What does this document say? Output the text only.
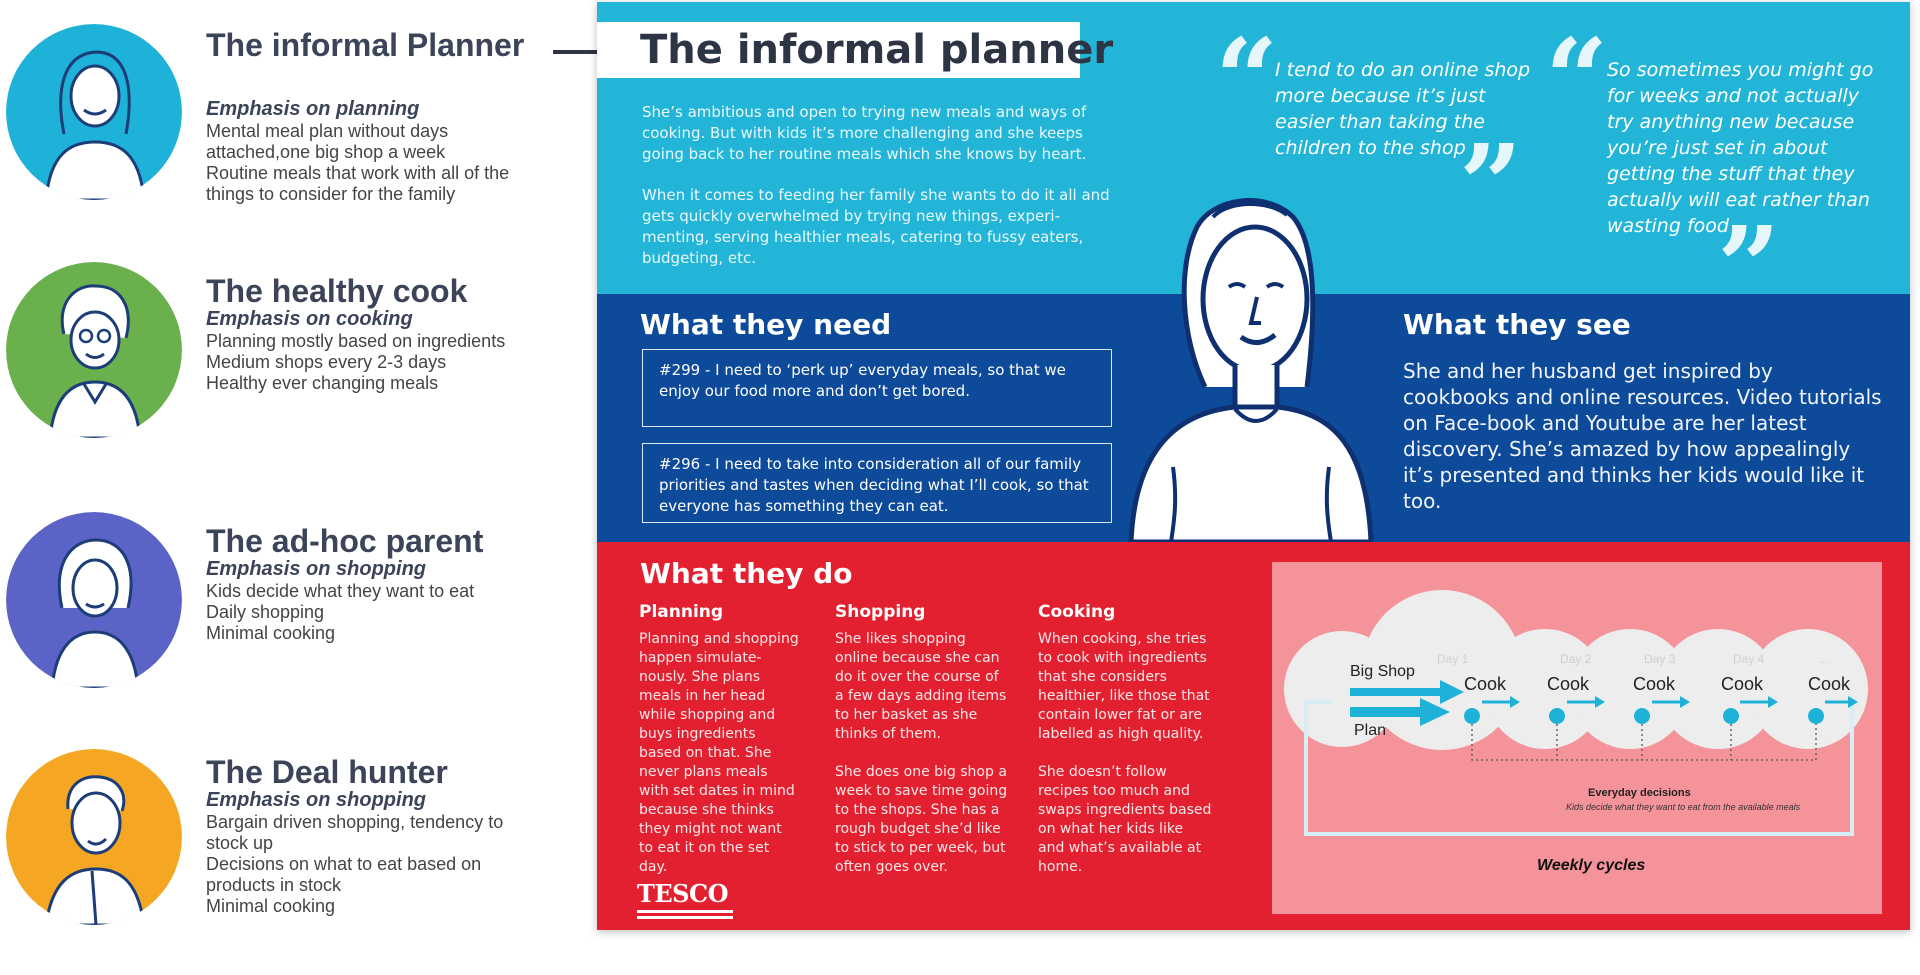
The informal Planner
Emphasis on planning
Mental meal plan without days attached,one big shop a week
Routine meals that work with all of the things to consider for the family
The healthy cook
Emphasis on cooking
Planning mostly based on ingredients
Medium shops every 2-3 days
Healthy ever changing meals
The ad-hoc parent
Emphasis on shopping
Kids decide what they want to eat
Daily shopping
Minimal cooking
The Deal hunter
Emphasis on shopping
Bargain driven shopping, tendency to stock up
Decisions on what to eat based on products in stock
Minimal cooking
The informal planner

She’s ambitious and open to trying new meals and ways of cooking. But with kids it’s more challenging and she keeps going back to her routine meals which she knows by heart.

When it comes to feeding her family she wants to do it all and gets quickly overwhelmed by trying new things, experi-menting, serving healthier meals, catering to fussy eaters, budgeting, etc.

“

I tend to do an online shop more because it’s just easier than taking the children to the shop

”
“

So sometimes you might go for weeks and not actually try anything new because you’re just set in about getting the stuff that they actually will eat rather than wasting food

”
What they need
#299 - I need to ‘perk up’ everyday meals, so that we enjoy our food more and don’t get bored.
#296 - I need to take into consideration all of our family priorities and tastes when deciding what I’ll cook, so that everyone has something they can eat.
What they see

She and her husband get inspired by cookbooks and online resources. Video tutorials on Face-book and Youtube are her latest discovery. She’s amazed by how appealingly it’s presented and thinks her kids would like it too.

What they do
Planning
Planning and shopping happen simulate-nously. She plans meals in her head while shopping and buys ingredients based on that. She never plans meals with set dates in mind because she thinks they might not want to eat it on the set day.
Shopping
She likes shopping online because she can do it over the course of a few days adding items to her basket as she thinks of them.

She does one big shop a week to save time going to the shops. She has a rough budget she’d like to stick to per week, but often goes over.
Cooking
When cooking, she tries to cook with ingredients that she considers healthier, like those that contain lower fat or are labelled as high quality.

She doesn’t follow recipes too much and swaps ingredients based on what her kids like and what’s available at home.
TESCO
Big Shop
Plan
Day 1	Day 2	Day 3	Day 4	...
Cook Cook Cook	Cook Cook
Everyday decisions
Kids decide what they want to eat from the available meals
Weekly cycles
